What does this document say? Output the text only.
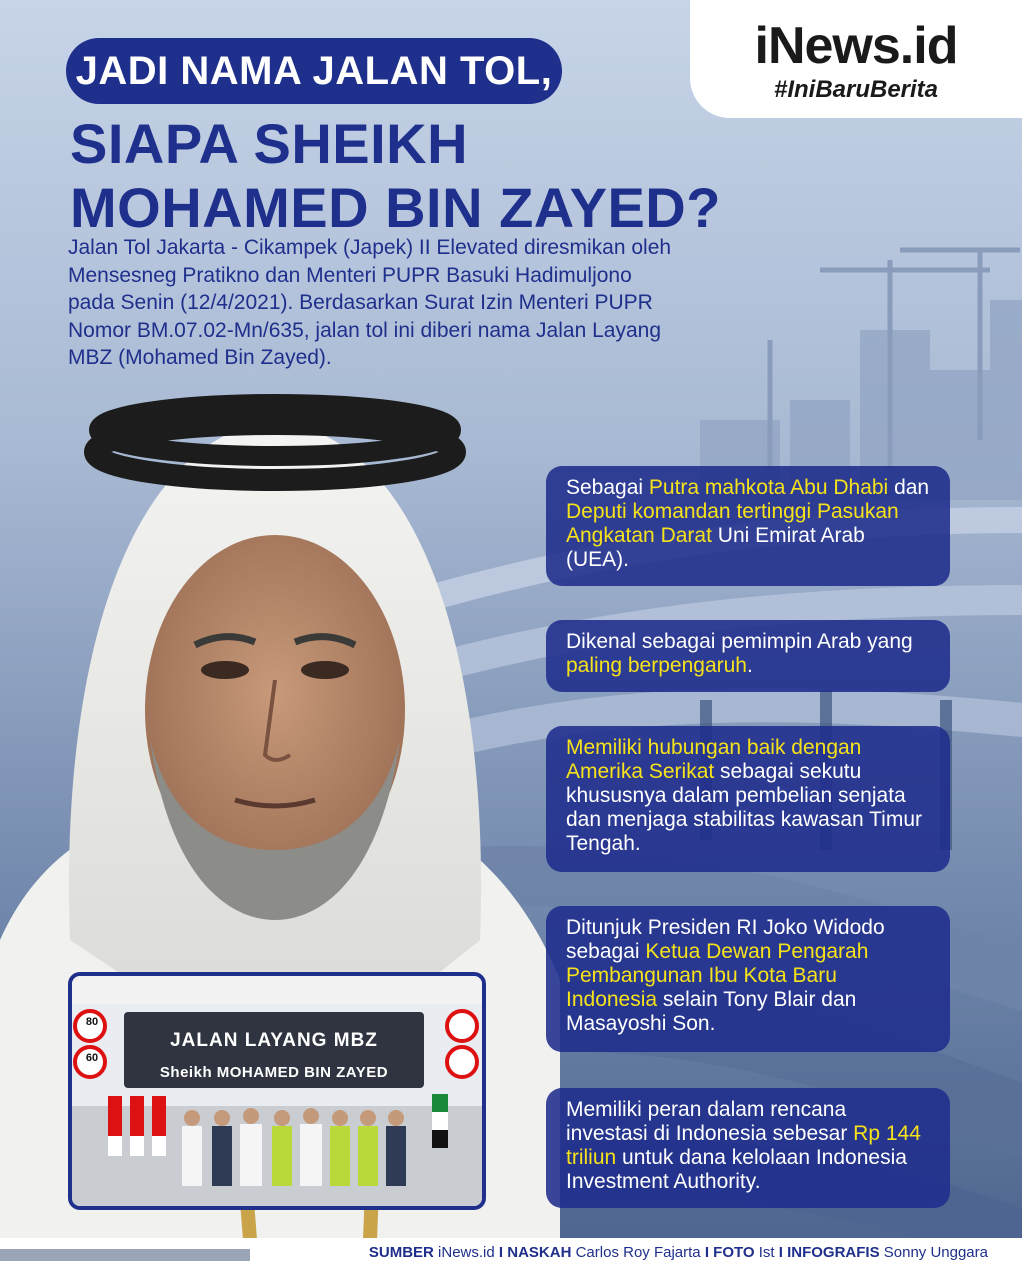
iNews.id
#IniBaruBerita
JADI NAMA JALAN TOL,
SIAPA SHEIKH
MOHAMED BIN ZAYED?
Jalan Tol Jakarta - Cikampek (Japek) II Elevated diresmikan oleh
Mensesneg Pratikno dan Menteri PUPR Basuki Hadimuljono
pada Senin (12/4/2021). Berdasarkan Surat Izin Menteri PUPR
Nomor BM.07.02-Mn/635, jalan tol ini diberi nama Jalan Layang
MBZ (Mohamed Bin Zayed).
Sebagai Putra mahkota Abu Dhabi dan Deputi komandan tertinggi Pasukan Angkatan Darat Uni Emirat Arab (UEA).
Dikenal sebagai pemimpin Arab yang paling berpengaruh.
Memiliki hubungan baik dengan Amerika Serikat sebagai sekutu khususnya dalam pembelian senjata dan menjaga stabilitas kawasan Timur Tengah.
Ditunjuk Presiden RI Joko Widodo sebagai Ketua Dewan Pengarah Pembangunan Ibu Kota Baru Indonesia selain Tony Blair dan Masayoshi Son.
Memiliki peran dalam rencana investasi di Indonesia sebesar Rp 144 triliun untuk dana kelolaan Indonesia Investment Authority.
80
60
JALAN LAYANG MBZ
Sheikh MOHAMED BIN ZAYED
SUMBER iNews.id I NASKAH Carlos Roy Fajarta I FOTO Ist I INFOGRAFIS Sonny Unggara
